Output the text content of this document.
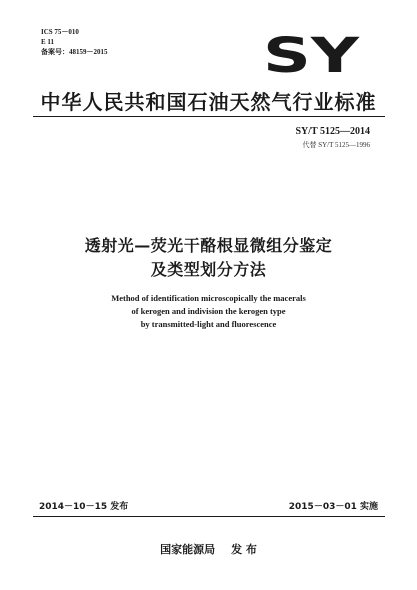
ICS 75－010
E 11
备案号：48159－2015	SY
中华人民共和国石油天然气行业标准
SY/T 5125—2014
代替 SY/T 5125—1996
透射光—荧光干酪根显微组分鉴定
及类型划分方法
Method of identification microscopically the macerals
of kerogen and indivision the kerogen type
by transmitted-light and fluorescence
2014－10－15 发布	2015－03－01 实施
国家能源局 发 布
